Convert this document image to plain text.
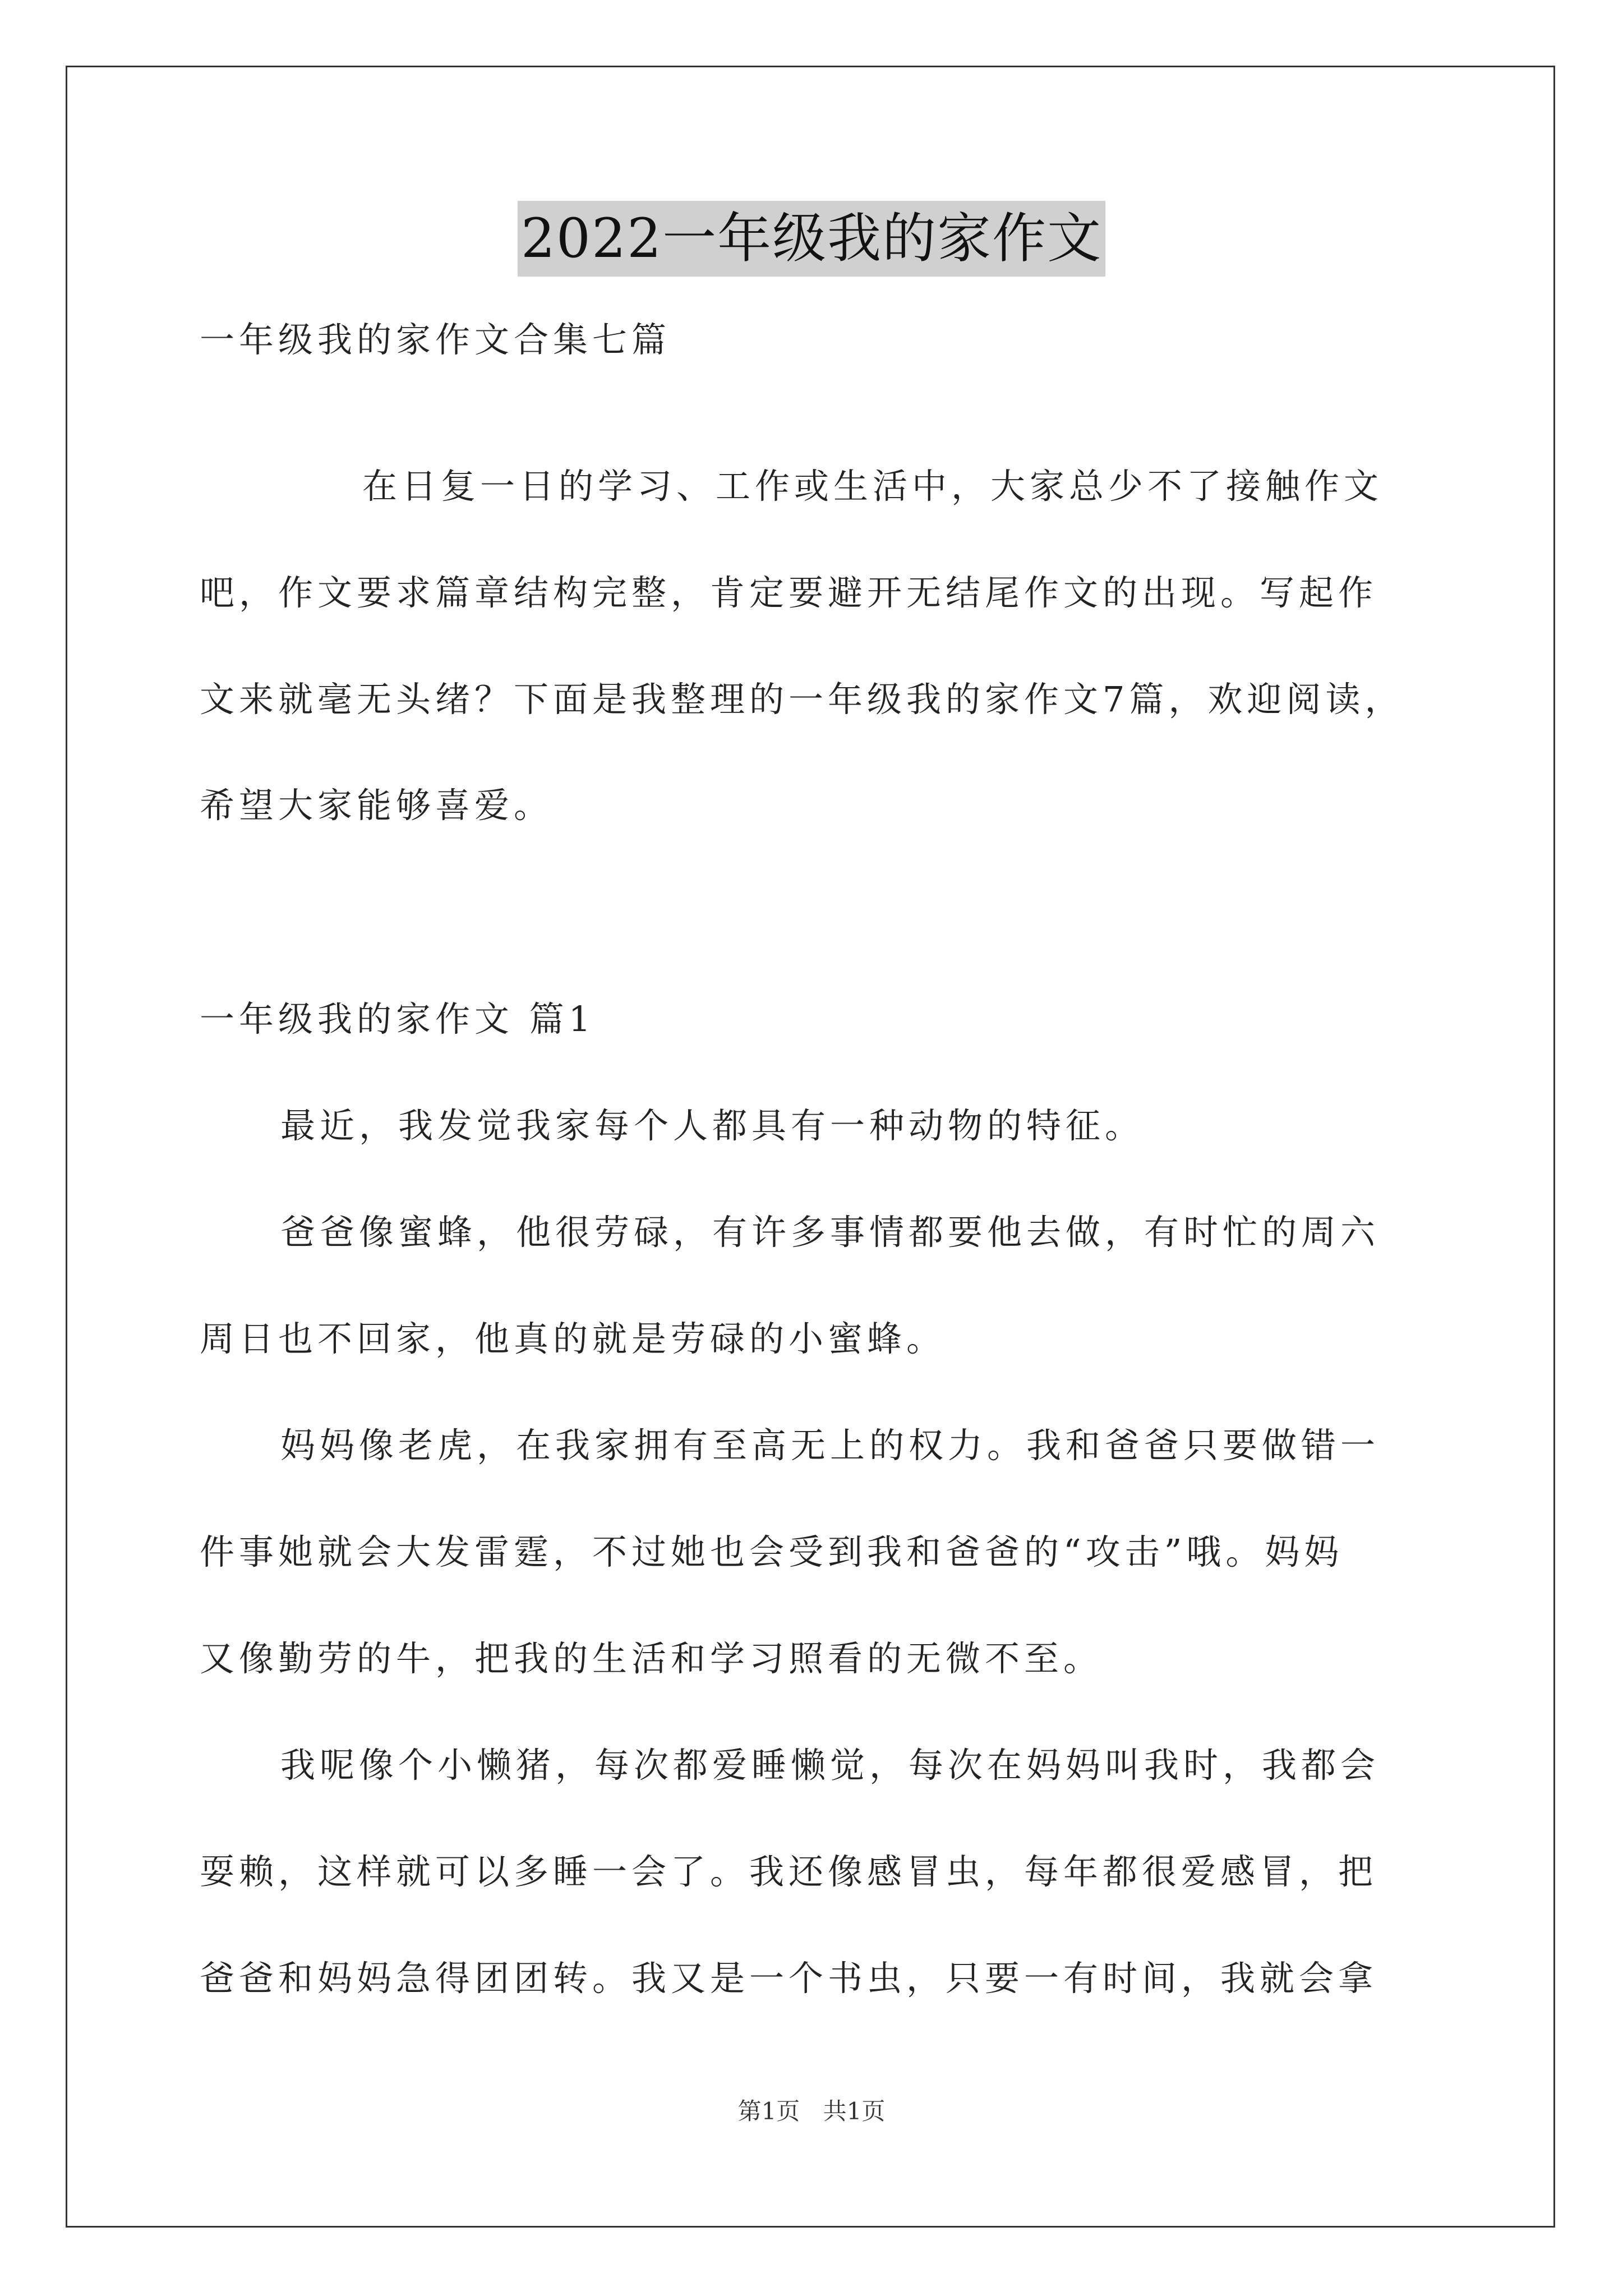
2022一年级我的家作文
一年级我的家作文合集七篇
在日复一日的学习、工作或生活中，大家总少不了接触作文
吧，作文要求篇章结构完整，肯定要避开无结尾作文的出现。写起作
文来就毫无头绪？下面是我整理的一年级我的家作文7篇，欢迎阅读，
希望大家能够喜爱。
一年级我的家作文 篇1
最近，我发觉我家每个人都具有一种动物的特征。
爸爸像蜜蜂，他很劳碌，有许多事情都要他去做，有时忙的周六
周日也不回家，他真的就是劳碌的小蜜蜂。
妈妈像老虎，在我家拥有至高无上的权力。我和爸爸只要做错一
件事她就会大发雷霆，不过她也会受到我和爸爸的“攻击”哦。妈妈
又像勤劳的牛，把我的生活和学习照看的无微不至。
我呢像个小懒猪，每次都爱睡懒觉，每次在妈妈叫我时，我都会
耍赖，这样就可以多睡一会了。我还像感冒虫，每年都很爱感冒，把
爸爸和妈妈急得团团转。我又是一个书虫，只要一有时间，我就会拿
第1页 共1页
